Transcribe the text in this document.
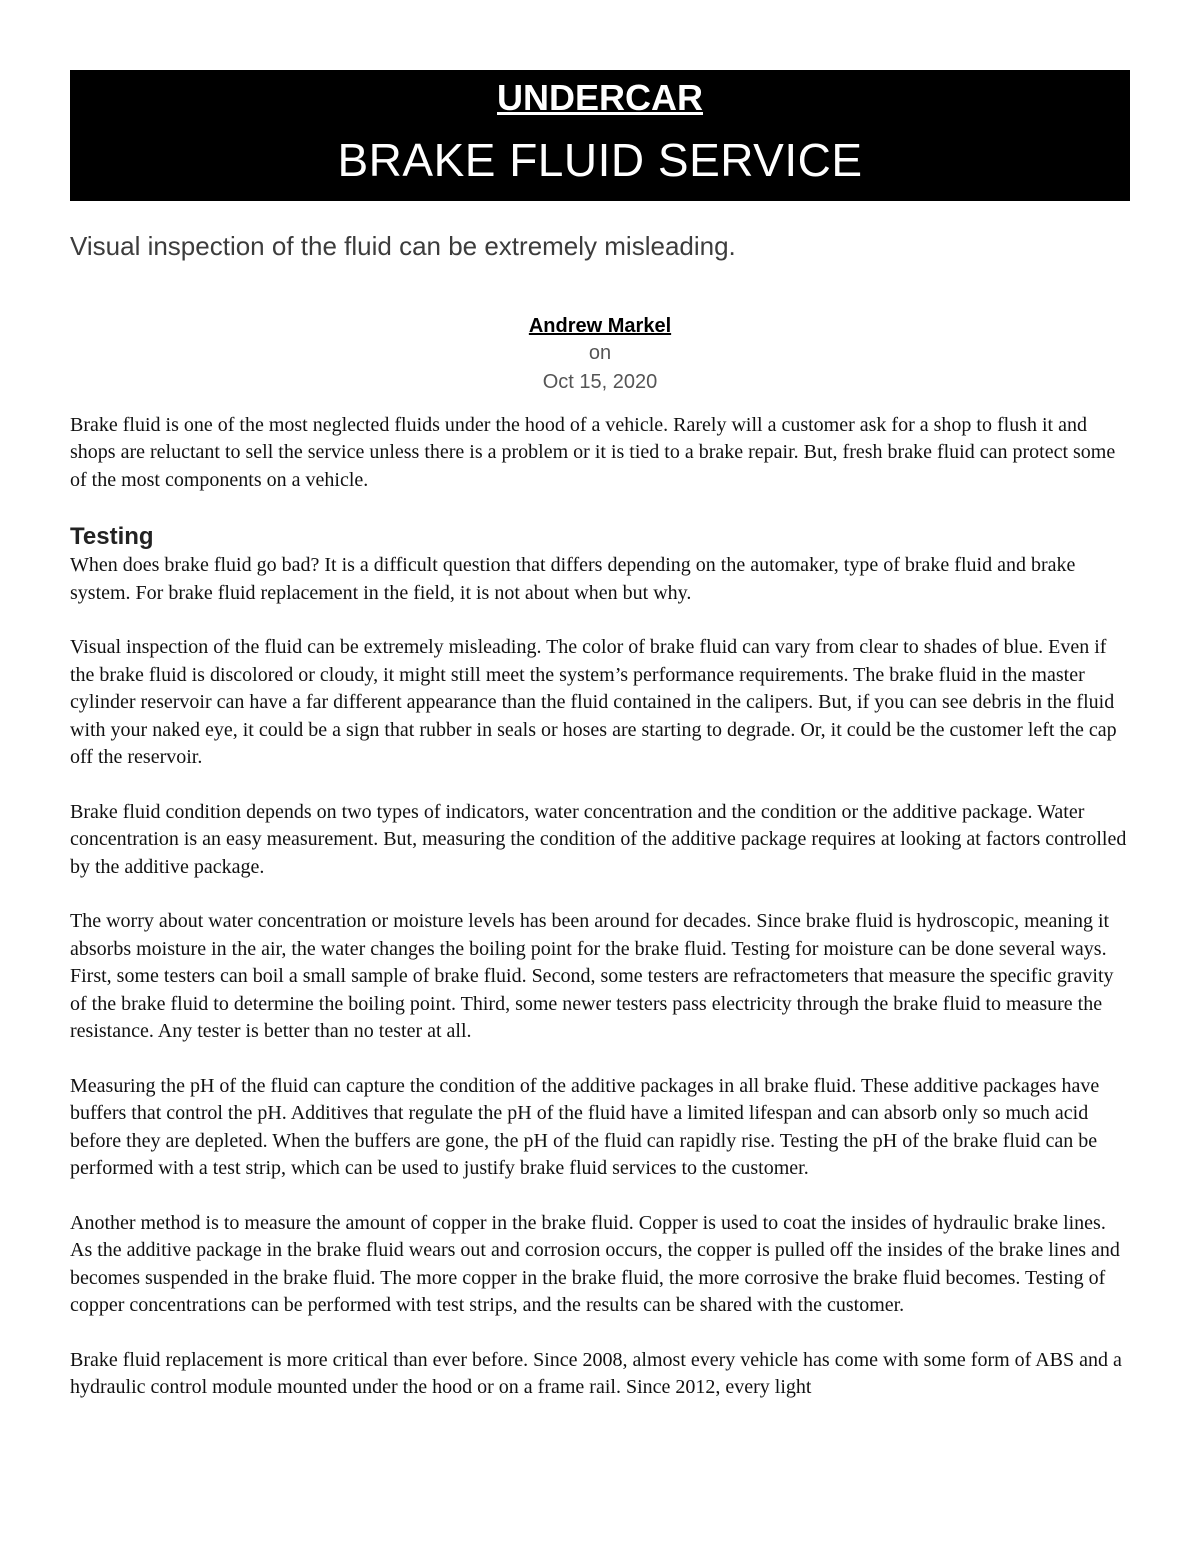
UNDERCAR
BRAKE FLUID SERVICE
Visual inspection of the fluid can be extremely misleading.
Andrew Markel
on
Oct 15, 2020

Brake fluid is one of the most neglected fluids under the hood of a vehicle. Rarely will a customer ask for a shop to flush it and shops are reluctant to sell the service unless there is a problem or it is tied to a brake repair. But, fresh brake fluid can protect some of the most components on a vehicle.

Testing

When does brake fluid go bad? It is a difficult question that differs depending on the automaker, type of brake fluid and brake system. For brake fluid replacement in the field, it is not about when but why.

Visual inspection of the fluid can be extremely misleading. The color of brake fluid can vary from clear to shades of blue. Even if the brake fluid is discolored or cloudy, it might still meet the system’s performance requirements. The brake fluid in the master cylinder reservoir can have a far different appearance than the fluid contained in the calipers. But, if you can see debris in the fluid with your naked eye, it could be a sign that rubber in seals or hoses are starting to degrade. Or, it could be the customer left the cap off the reservoir.

Brake fluid condition depends on two types of indicators, water concentration and the condition or the additive package. Water concentration is an easy measurement. But, measuring the condition of the additive package requires at looking at factors controlled by the additive package.

The worry about water concentration or moisture levels has been around for decades. Since brake fluid is hydroscopic, meaning it absorbs moisture in the air, the water changes the boiling point for the brake fluid. Testing for moisture can be done several ways. First, some testers can boil a small sample of brake fluid. Second, some testers are refractometers that measure the specific gravity of the brake fluid to determine the boiling point. Third, some newer testers pass electricity through the brake fluid to measure the resistance. Any tester is better than no tester at all.

Measuring the pH of the fluid can capture the condition of the additive packages in all brake fluid. These additive packages have buffers that control the pH. Additives that regulate the pH of the fluid have a limited lifespan and can absorb only so much acid before they are depleted. When the buffers are gone, the pH of the fluid can rapidly rise. Testing the pH of the brake fluid can be performed with a test strip, which can be used to justify brake fluid services to the customer.

Another method is to measure the amount of copper in the brake fluid. Copper is used to coat the insides of hydraulic brake lines. As the additive package in the brake fluid wears out and corrosion occurs, the copper is pulled off the insides of the brake lines and becomes suspended in the brake fluid. The more copper in the brake fluid, the more corrosive the brake fluid becomes. Testing of copper concentrations can be performed with test strips, and the results can be shared with the customer.

Brake fluid replacement is more critical than ever before. Since 2008, almost every vehicle has come with some form of ABS and a hydraulic control module mounted under the hood or on a frame rail. Since 2012, every light
